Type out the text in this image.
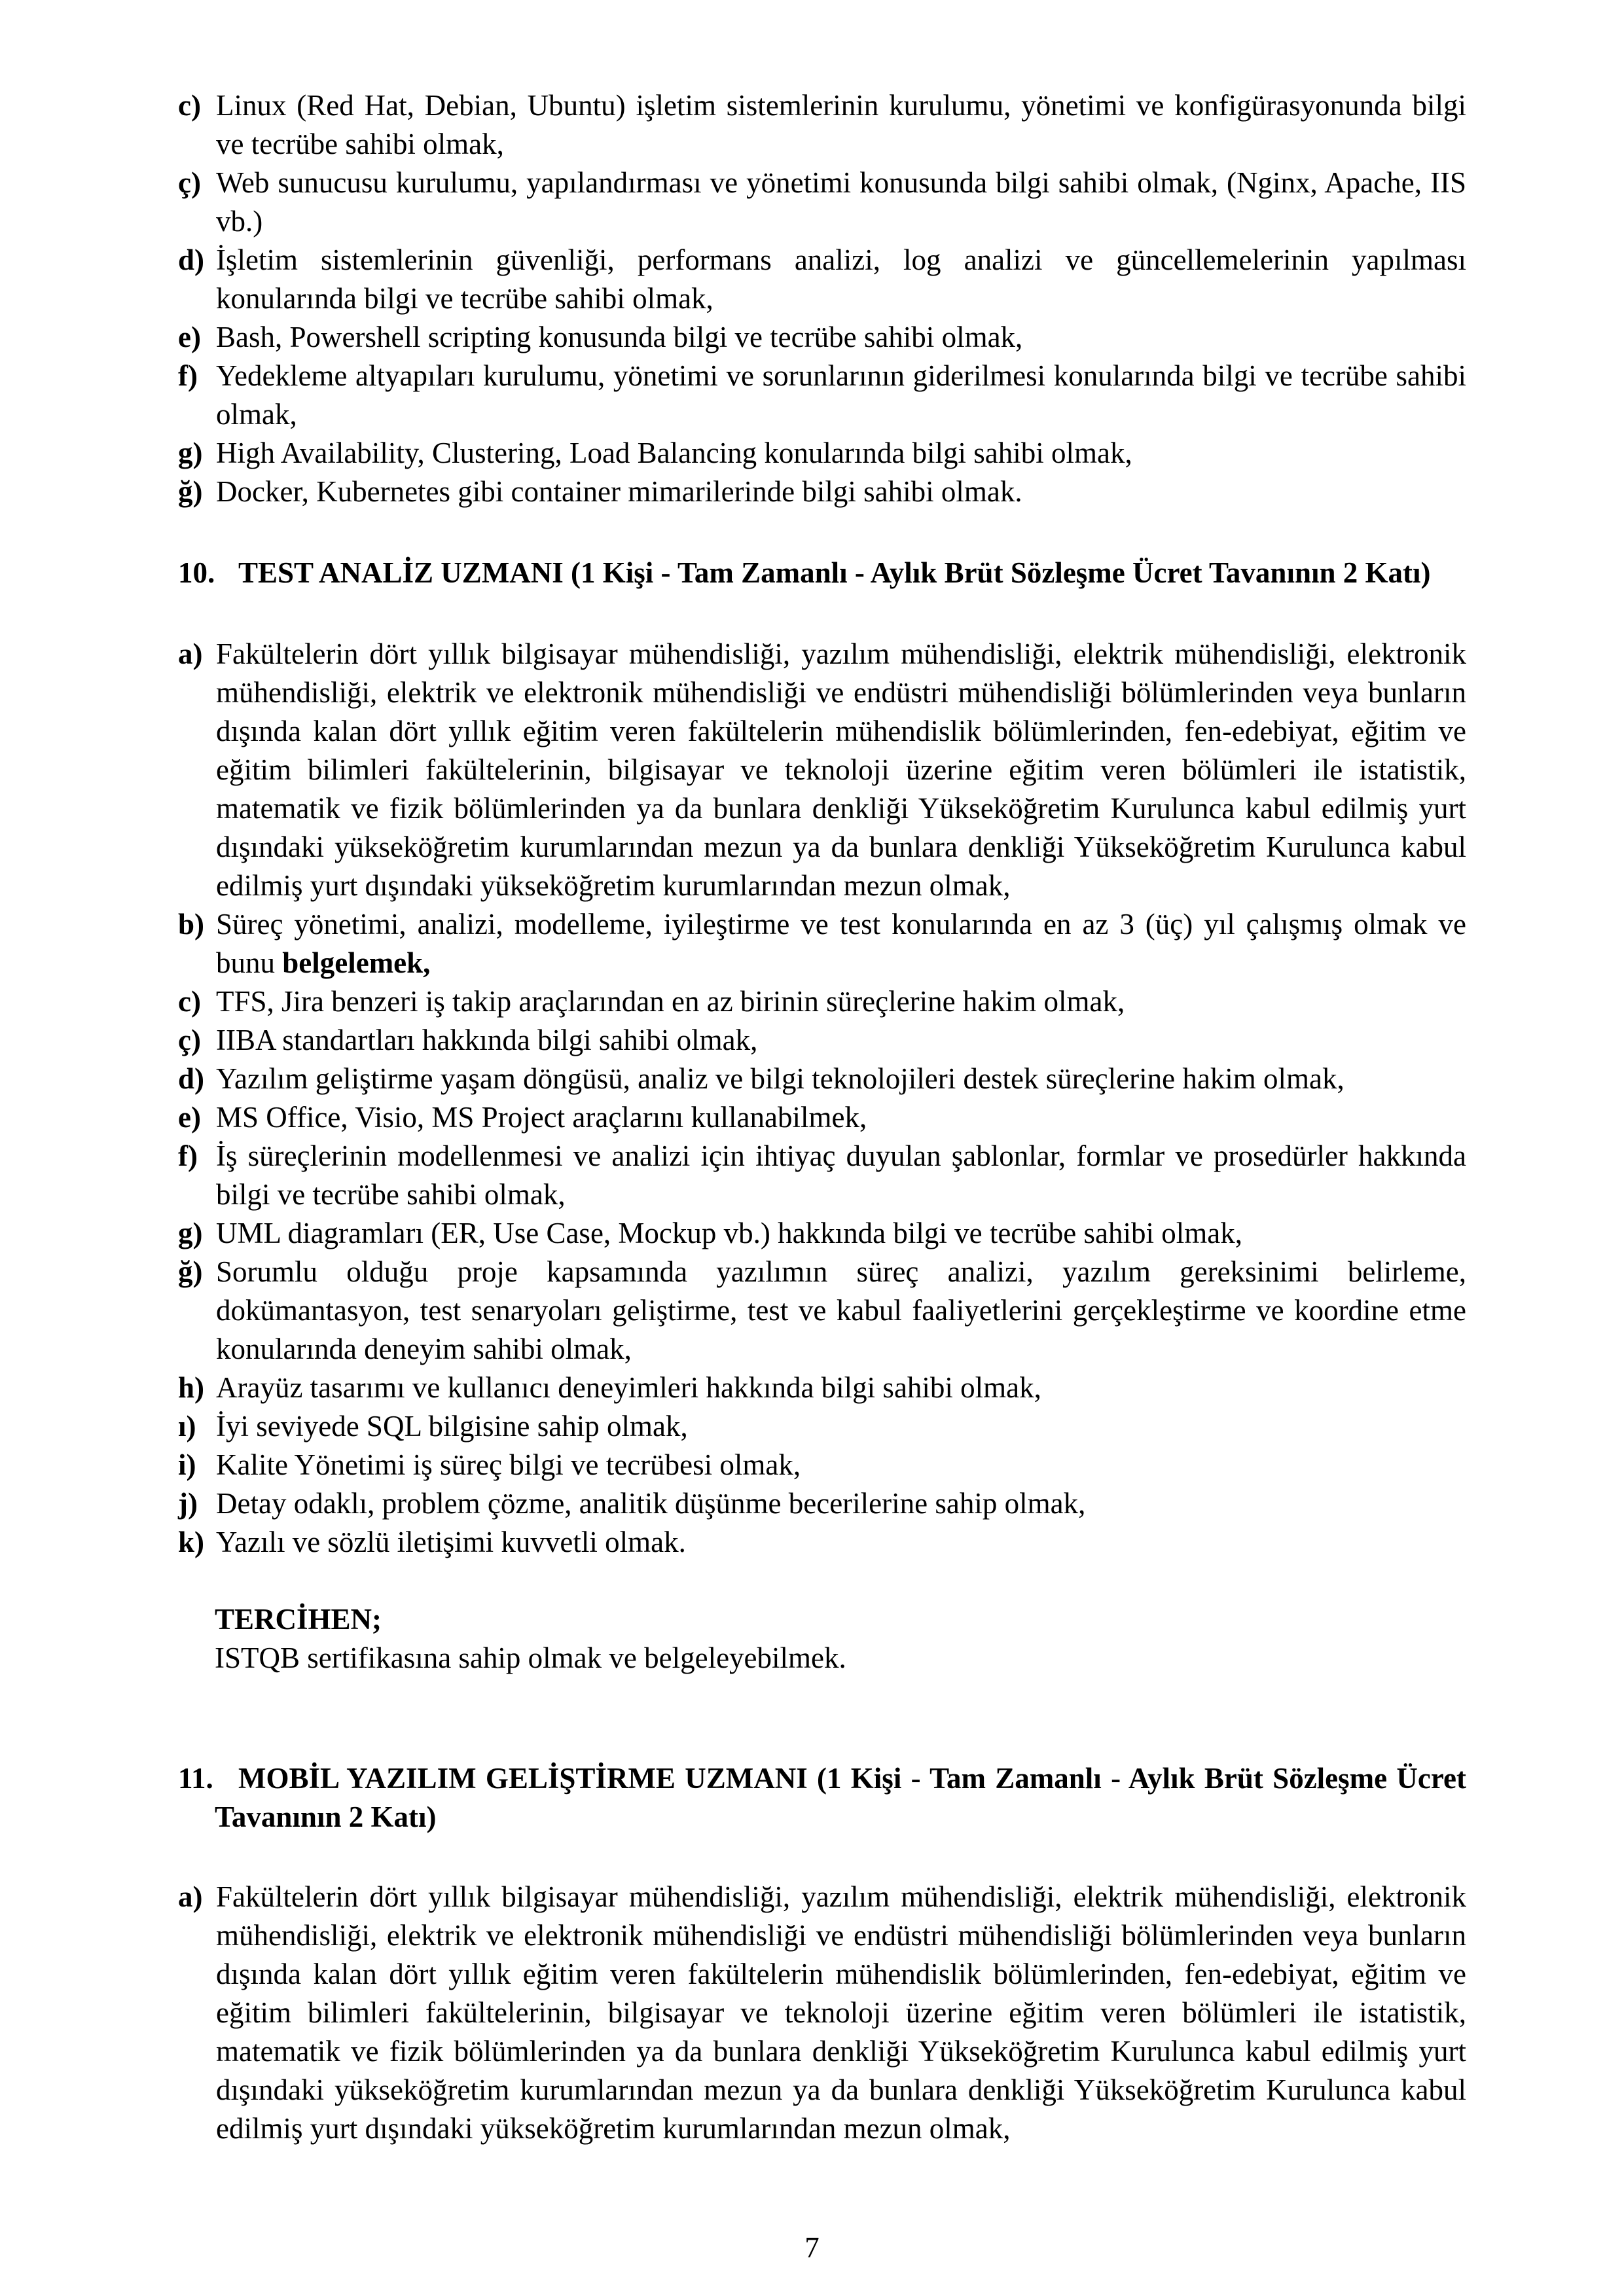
c) Linux (Red Hat, Debian, Ubuntu) işletim sistemlerinin kurulumu, yönetimi ve konfigürasyonunda bilgi ve tecrübe sahibi olmak,

ç) Web sunucusu kurulumu, yapılandırması ve yönetimi konusunda bilgi sahibi olmak, (Nginx, Apache, IIS vb.)

d) İşletim sistemlerinin güvenliği, performans analizi, log analizi ve güncellemelerinin yapılması konularında bilgi ve tecrübe sahibi olmak,

e) Bash, Powershell scripting konusunda bilgi ve tecrübe sahibi olmak,

f) Yedekleme altyapıları kurulumu, yönetimi ve sorunlarının giderilmesi konularında bilgi ve tecrübe sahibi olmak,

g) High Availability, Clustering, Load Balancing konularında bilgi sahibi olmak,

ğ) Docker, Kubernetes gibi container mimarilerinde bilgi sahibi olmak.

10. TEST ANALİZ UZMANI (1 Kişi - Tam Zamanlı - Aylık Brüt Sözleşme Ücret Tavanının 2 Katı)

a) Fakültelerin dört yıllık bilgisayar mühendisliği, yazılım mühendisliği, elektrik mühendisliği, elektronik mühendisliği, elektrik ve elektronik mühendisliği ve endüstri mühendisliği bölümlerinden veya bunların dışında kalan dört yıllık eğitim veren fakültelerin mühendislik bölümlerinden, fen-edebiyat, eğitim ve eğitim bilimleri fakültelerinin, bilgisayar ve teknoloji üzerine eğitim veren bölümleri ile istatistik, matematik ve fizik bölümlerinden ya da bunlara denkliği Yükseköğretim Kurulunca kabul edilmiş yurt dışındaki yükseköğretim kurumlarından mezun ya da bunlara denkliği Yükseköğretim Kurulunca kabul edilmiş yurt dışındaki yükseköğretim kurumlarından mezun olmak,

b) Süreç yönetimi, analizi, modelleme, iyileştirme ve test konularında en az 3 (üç) yıl çalışmış olmak ve bunu belgelemek,

c) TFS, Jira benzeri iş takip araçlarından en az birinin süreçlerine hakim olmak,

ç) IIBA standartları hakkında bilgi sahibi olmak,

d) Yazılım geliştirme yaşam döngüsü, analiz ve bilgi teknolojileri destek süreçlerine hakim olmak,

e) MS Office, Visio, MS Project araçlarını kullanabilmek,

f) İş süreçlerinin modellenmesi ve analizi için ihtiyaç duyulan şablonlar, formlar ve prosedürler hakkında bilgi ve tecrübe sahibi olmak,

g) UML diagramları (ER, Use Case, Mockup vb.) hakkında bilgi ve tecrübe sahibi olmak,

ğ) Sorumlu olduğu proje kapsamında yazılımın süreç analizi, yazılım gereksinimi belirleme, dokümantasyon, test senaryoları geliştirme, test ve kabul faaliyetlerini gerçekleştirme ve koordine etme konularında deneyim sahibi olmak,

h) Arayüz tasarımı ve kullanıcı deneyimleri hakkında bilgi sahibi olmak,

ı) İyi seviyede SQL bilgisine sahip olmak,

i) Kalite Yönetimi iş süreç bilgi ve tecrübesi olmak,

j) Detay odaklı, problem çözme, analitik düşünme becerilerine sahip olmak,

k) Yazılı ve sözlü iletişimi kuvvetli olmak.

TERCİHEN;

ISTQB sertifikasına sahip olmak ve belgeleyebilmek.

11. MOBİL YAZILIM GELİŞTİRME UZMANI (1 Kişi - Tam Zamanlı - Aylık Brüt Sözleşme Ücret Tavanının 2 Katı)

a) Fakültelerin dört yıllık bilgisayar mühendisliği, yazılım mühendisliği, elektrik mühendisliği, elektronik mühendisliği, elektrik ve elektronik mühendisliği ve endüstri mühendisliği bölümlerinden veya bunların dışında kalan dört yıllık eğitim veren fakültelerin mühendislik bölümlerinden, fen-edebiyat, eğitim ve eğitim bilimleri fakültelerinin, bilgisayar ve teknoloji üzerine eğitim veren bölümleri ile istatistik, matematik ve fizik bölümlerinden ya da bunlara denkliği Yükseköğretim Kurulunca kabul edilmiş yurt dışındaki yükseköğretim kurumlarından mezun ya da bunlara denkliği Yükseköğretim Kurulunca kabul edilmiş yurt dışındaki yükseköğretim kurumlarından mezun olmak,

7
